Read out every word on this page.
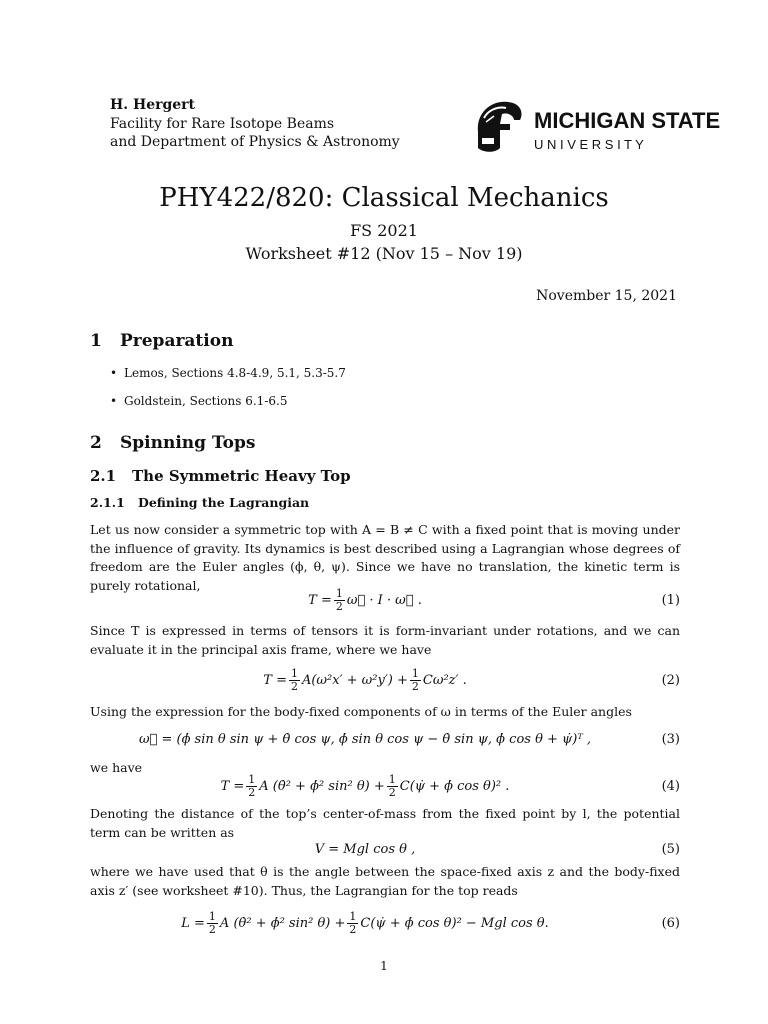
H. Hergert
Facility for Rare Isotope Beams
and Department of Physics & Astronomy
MICHIGAN STATE
U N I V E R S I T Y
PHY422/820: Classical Mechanics
FS 2021
Worksheet #12 (Nov 15 – Nov 19)
November 15, 2021
1 Preparation
• Lemos, Sections 4.8-4.9, 5.1, 5.3-5.7
• Goldstein, Sections 6.1-6.5
2 Spinning Tops
2.1 The Symmetric Heavy Top
2.1.1 Defining the Lagrangian
Let us now consider a symmetric top with A = B ≠ C with a fixed point that is moving under the influence of gravity. Its dynamics is best described using a Lagrangian whose degrees of freedom are the Euler angles (ϕ, θ, ψ). Since we have no translation, the kinetic term is purely rotational,
$T = \frac{1}{2}$ ω⃗ · I · ω⃗ .	(1)
Since T is expressed in terms of tensors it is form-invariant under rotations, and we can evaluate it in the principal axis frame, where we have
$T = \frac{1}{2} A(\omega^2x' + \omega^2y') + \frac{1}{2} C\omega^2z'$ .	(2)
Using the expression for the body-fixed components of ω in terms of the Euler angles
ω⃗ = (ϕ̇ sin θ sin ψ + θ̇ cos ψ, ϕ̇ sin θ cos ψ − θ̇ sin ψ, ϕ̇ cos θ + ψ̇)ᵀ ,	(3)
we have
$T = \frac{1}{2}$ A (θ̇² + ϕ̇² sin² $\theta) + \frac{1}{2}$ C(ψ̇ + ϕ̇ cos θ)² .	(4)
Denoting the distance of the top’s center-of-mass from the fixed point by l, the potential term can be written as
V = Mgl cos θ ,	(5)
where we have used that θ is the angle between the space-fixed axis z and the body-fixed axis z′ (see worksheet #10). Thus, the Lagrangian for the top reads
$L = \frac{1}{2}$ A (θ̇² + ϕ̇² sin² $\theta) + \frac{1}{2}$ C(ψ̇ + ϕ̇ cos θ)² − Mgl cos θ.	(6)
1
